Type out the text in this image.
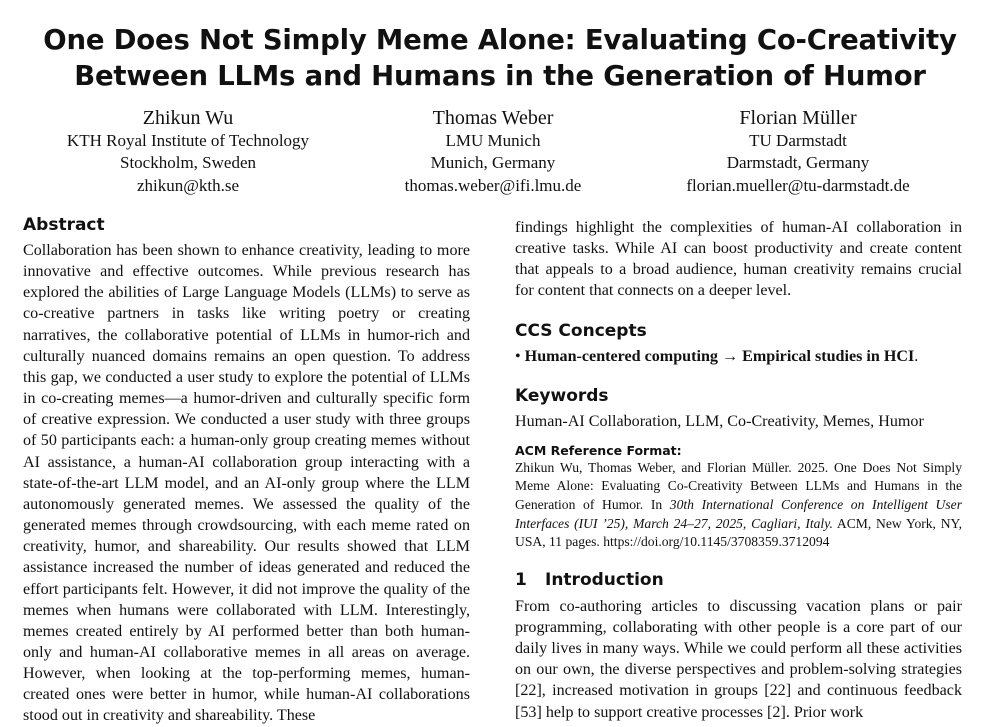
One Does Not Simply Meme Alone: Evaluating Co-Creativity
Between LLMs and Humans in the Generation of Humor
Zhikun Wu
KTH Royal Institute of Technology
Stockholm, Sweden
zhikun@kth.se
Thomas Weber
LMU Munich
Munich, Germany
thomas.weber@ifi.lmu.de
Florian Müller
TU Darmstadt
Darmstadt, Germany
florian.mueller@tu-darmstadt.de
Abstract

Collaboration has been shown to enhance creativity, leading to more innovative and effective outcomes. While previous research has explored the abilities of Large Language Models (LLMs) to serve as co-creative partners in tasks like writing poetry or creating narratives, the collaborative potential of LLMs in humor-rich and culturally nuanced domains remains an open question. To address this gap, we conducted a user study to explore the potential of LLMs in co-creating memes—a humor-driven and culturally specific form of creative expression. We conducted a user study with three groups of 50 participants each: a human-only group creating memes without AI assistance, a human-AI collaboration group interacting with a state-of-the-art LLM model, and an AI-only group where the LLM autonomously generated memes. We assessed the quality of the generated memes through crowdsourcing, with each meme rated on creativity, humor, and shareability. Our results showed that LLM assistance increased the number of ideas generated and reduced the effort participants felt. However, it did not improve the quality of the memes when humans were collaborated with LLM. Interestingly, memes created entirely by AI performed better than both human-only and human-AI collaborative memes in all areas on average. However, when looking at the top-performing memes, human-created ones were better in humor, while human-AI collaborations stood out in creativity and shareability. These

findings highlight the complexities of human-AI collaboration in creative tasks. While AI can boost productivity and create content that appeals to a broad audience, human creativity remains crucial for content that connects on a deeper level.

CCS Concepts
• Human-centered computing → Empirical studies in HCI.
Keywords
Human-AI Collaboration, LLM, Co-Creativity, Memes, Humor
ACM Reference Format:

Zhikun Wu, Thomas Weber, and Florian Müller. 2025. One Does Not Simply Meme Alone: Evaluating Co-Creativity Between LLMs and Humans in the Generation of Humor. In 30th International Conference on Intelligent User Interfaces (IUI ’25), March 24–27, 2025, Cagliari, Italy. ACM, New York, NY, USA, 11 pages. https://doi.org/10.1145/3708359.3712094

1 Introduction

From co-authoring articles to discussing vacation plans or pair programming, collaborating with other people is a core part of our daily lives in many ways. While we could perform all these activities on our own, the diverse perspectives and problem-solving strategies [22], increased motivation in groups [22] and continuous feedback [53] help to support creative processes [2]. Prior work
